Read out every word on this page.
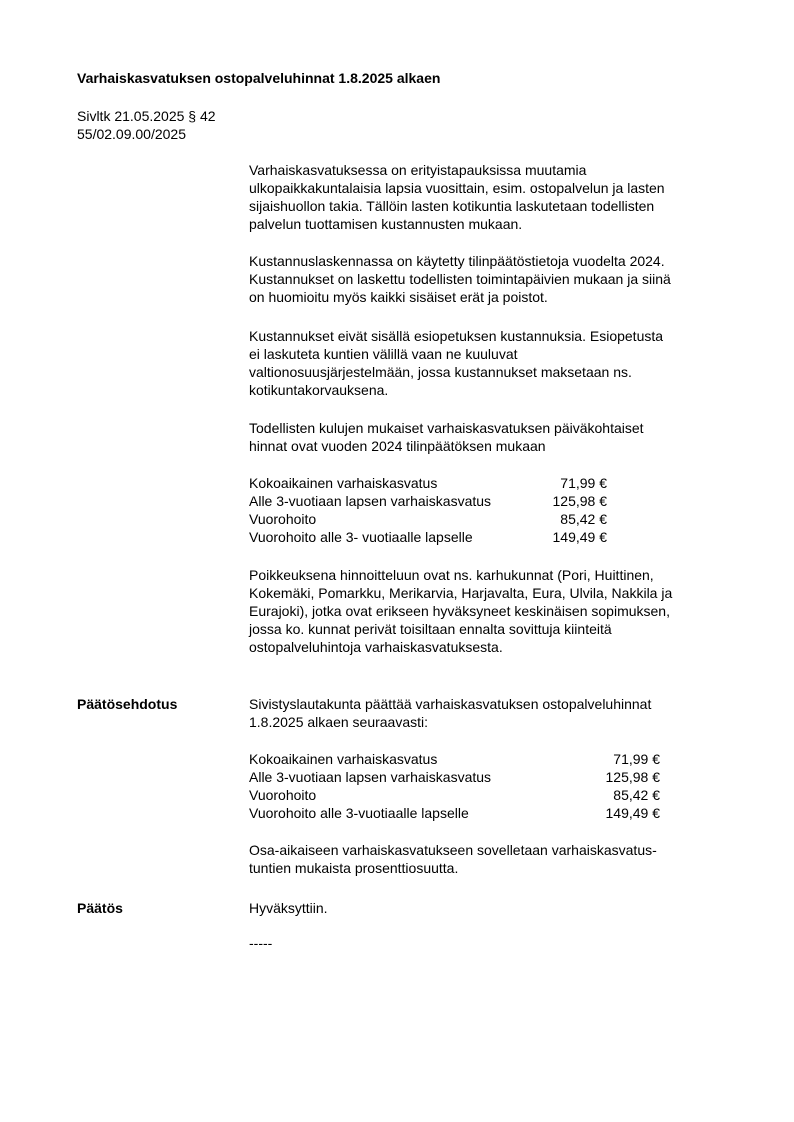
Varhaiskasvatuksen ostopalveluhinnat 1.8.2025 alkaen
Sivltk 21.05.2025 § 42
55/02.09.00/2025
Varhaiskasvatuksessa on erityistapauksissa muutamia
ulkopaikkakuntalaisia lapsia vuosittain, esim. ostopalvelun ja lasten
sijaishuollon takia. Tällöin lasten kotikuntia laskutetaan todellisten
palvelun tuottamisen kustannusten mukaan.
Kustannuslaskennassa on käytetty tilinpäätöstietoja vuodelta 2024.
Kustannukset on laskettu todellisten toimintapäivien mukaan ja siinä
on huomioitu myös kaikki sisäiset erät ja poistot.
Kustannukset eivät sisällä esiopetuksen kustannuksia. Esiopetusta
ei laskuteta kuntien välillä vaan ne kuuluvat
valtionosuusjärjestelmään, jossa kustannukset maksetaan ns.
kotikuntakorvauksena.
Todellisten kulujen mukaiset varhaiskasvatuksen päiväkohtaiset
hinnat ovat vuoden 2024 tilinpäätöksen mukaan
Kokoaikainen varhaiskasvatus	71,99 €
Alle 3-vuotiaan lapsen varhaiskasvatus	125,98 €
Vuorohoito	85,42 €
Vuorohoito alle 3- vuotiaalle lapselle	149,49 €
Poikkeuksena hinnoitteluun ovat ns. karhukunnat (Pori, Huittinen,
Kokemäki, Pomarkku, Merikarvia, Harjavalta, Eura, Ulvila, Nakkila ja
Eurajoki), jotka ovat erikseen hyväksyneet keskinäisen sopimuksen,
jossa ko. kunnat perivät toisiltaan ennalta sovittuja kiinteitä
ostopalveluhintoja varhaiskasvatuksesta.
Päätösehdotus	Sivistyslautakunta päättää varhaiskasvatuksen ostopalveluhinnat
1.8.2025 alkaen seuraavasti:
Kokoaikainen varhaiskasvatus	71,99 €
Alle 3-vuotiaan lapsen varhaiskasvatus	125,98 €
Vuorohoito	85,42 €
Vuorohoito alle 3-vuotiaalle lapselle	149,49 €
Osa-aikaiseen varhaiskasvatukseen sovelletaan varhaiskasvatus-
tuntien mukaista prosenttiosuutta.
Päätös	Hyväksyttiin.
-----
